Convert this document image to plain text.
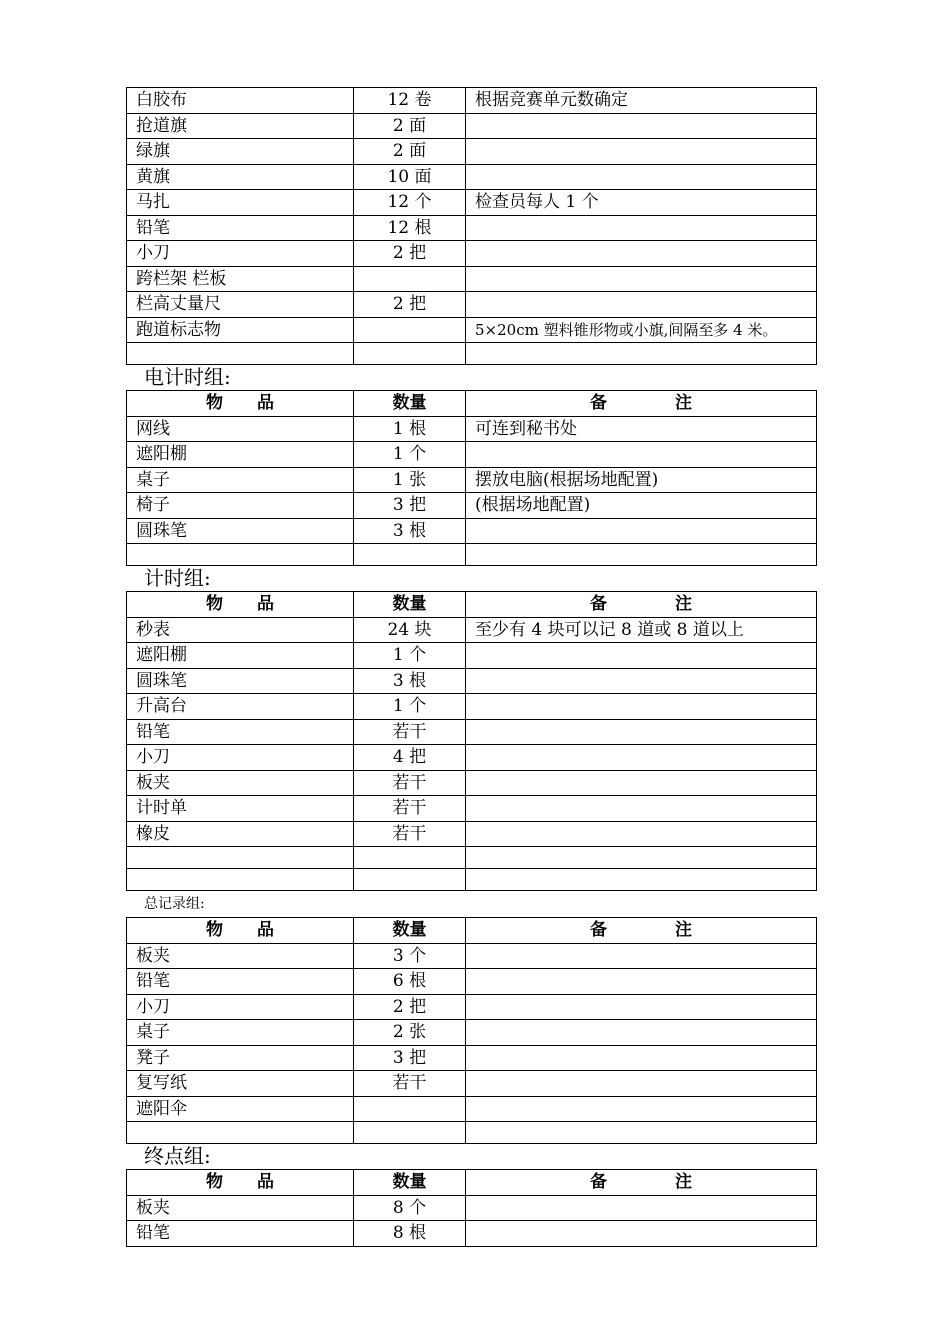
白胶布	12 卷	根据竞赛单元数确定
抢道旗	2 面	
绿旗	2 面	
黄旗	10 面	
马扎	12 个	检查员每人 1 个
铅笔	12 根	
小刀	2 把	
跨栏架 栏板		
栏高丈量尺	2 把	
跑道标志物		5×20cm 塑料锥形物或小旗,间隔至多 4 米。

电计时组:
物　　品	数量	备　　　　注
网线	1 根	可连到秘书处
遮阳棚	1 个	
桌子	1 张	摆放电脑(根据场地配置)
椅子	3 把	(根据场地配置)
圆珠笔	3 根	

计时组:
物　　品	数量	备　　　　注
秒表	24 块	至少有 4 块可以记 8 道或 8 道以上
遮阳棚	1 个	
圆珠笔	3 根	
升高台	1 个	
铅笔	若干	
小刀	4 把	
板夹	若干	
计时单	若干	
橡皮	若干	

总记录组:
物　　品	数量	备　　　　注
板夹	3 个	
铅笔	6 根	
小刀	2 把	
桌子	2 张	
凳子	3 把	
复写纸	若干	
遮阳伞		

终点组:
物　　品	数量	备　　　　注
板夹	8 个	
铅笔	8 根	
